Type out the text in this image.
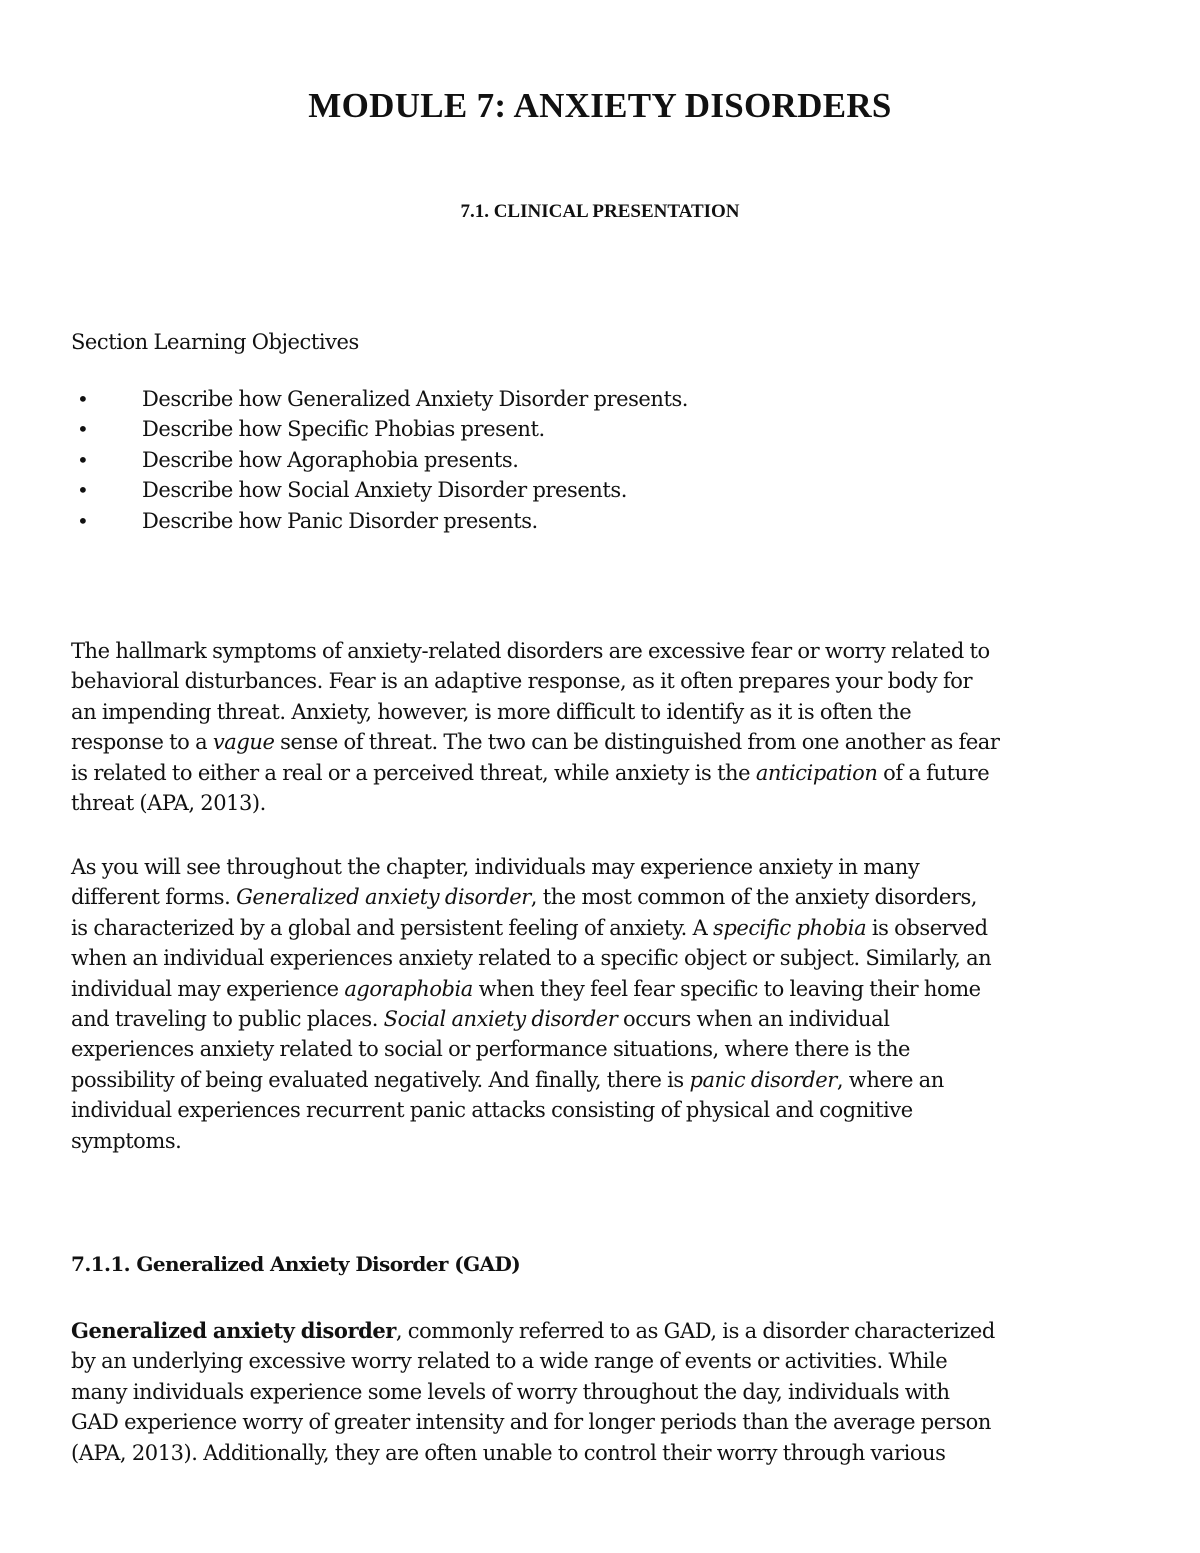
MODULE 7: ANXIETY DISORDERS
7.1. CLINICAL PRESENTATION

Section Learning Objectives

•	Describe how Generalized Anxiety Disorder presents.
•	Describe how Specific Phobias present.
•	Describe how Agoraphobia presents.
•	Describe how Social Anxiety Disorder presents.
•	Describe how Panic Disorder presents.

The hallmark symptoms of anxiety-related disorders are excessive fear or worry related to
behavioral disturbances. Fear is an adaptive response, as it often prepares your body for
an impending threat. Anxiety, however, is more difficult to identify as it is often the
response to a vague sense of threat. The two can be distinguished from one another as fear
is related to either a real or a perceived threat, while anxiety is the anticipation of a future
threat (APA, 2013).

As you will see throughout the chapter, individuals may experience anxiety in many
different forms. Generalized anxiety disorder, the most common of the anxiety disorders,
is characterized by a global and persistent feeling of anxiety. A specific phobia is observed
when an individual experiences anxiety related to a specific object or subject. Similarly, an
individual may experience agoraphobia when they feel fear specific to leaving their home
and traveling to public places. Social anxiety disorder occurs when an individual
experiences anxiety related to social or performance situations, where there is the
possibility of being evaluated negatively. And finally, there is panic disorder, where an
individual experiences recurrent panic attacks consisting of physical and cognitive
symptoms.

7.1.1. Generalized Anxiety Disorder (GAD)

Generalized anxiety disorder, commonly referred to as GAD, is a disorder characterized
by an underlying excessive worry related to a wide range of events or activities. While
many individuals experience some levels of worry throughout the day, individuals with
GAD experience worry of greater intensity and for longer periods than the average person
(APA, 2013). Additionally, they are often unable to control their worry through various
